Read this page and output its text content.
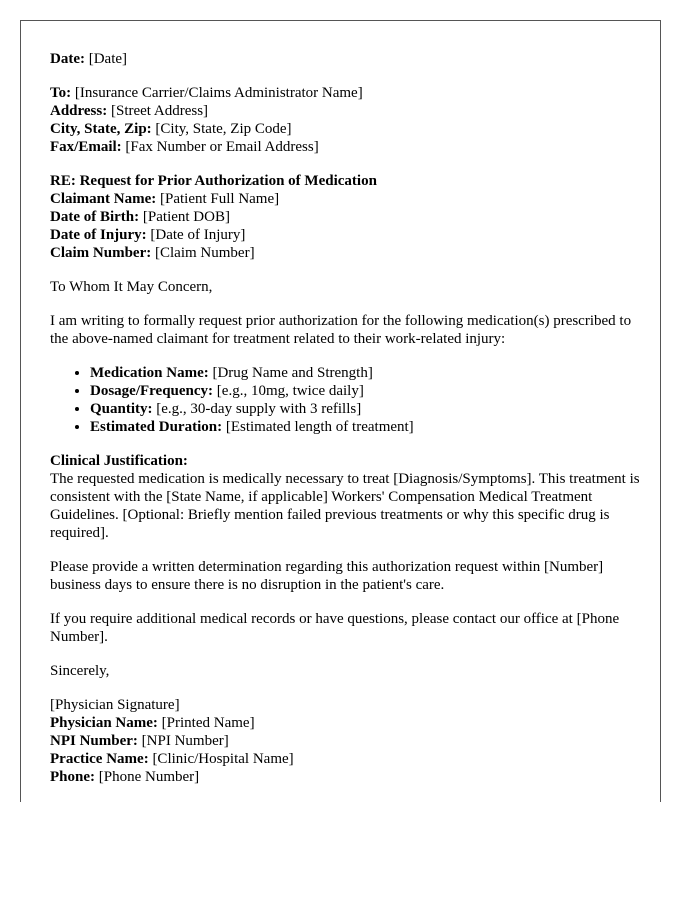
Date: [Date]
To: [Insurance Carrier/Claims Administrator Name]
Address: [Street Address]
City, State, Zip: [City, State, Zip Code]
Fax/Email: [Fax Number or Email Address]
RE: Request for Prior Authorization of Medication
Claimant Name: [Patient Full Name]
Date of Birth: [Patient DOB]
Date of Injury: [Date of Injury]
Claim Number: [Claim Number]

To Whom It May Concern,

I am writing to formally request prior authorization for the following medication(s) prescribed to the above-named claimant for treatment related to their work-related injury:

• Medication Name: [Drug Name and Strength]
• Dosage/Frequency: [e.g., 10mg, twice daily]
• Quantity: [e.g., 30-day supply with 3 refills]
• Estimated Duration: [Estimated length of treatment]
Clinical Justification:
The requested medication is medically necessary to treat [Diagnosis/Symptoms]. This treatment is consistent with the [State Name, if applicable] Workers' Compensation Medical Treatment Guidelines. [Optional: Briefly mention failed previous treatments or why this specific drug is required].

Please provide a written determination regarding this authorization request within [Number] business days to ensure there is no disruption in the patient's care.

If you require additional medical records or have questions, please contact our office at [Phone Number].

Sincerely,

[Physician Signature]
Physician Name: [Printed Name]
NPI Number: [NPI Number]
Practice Name: [Clinic/Hospital Name]
Phone: [Phone Number]
